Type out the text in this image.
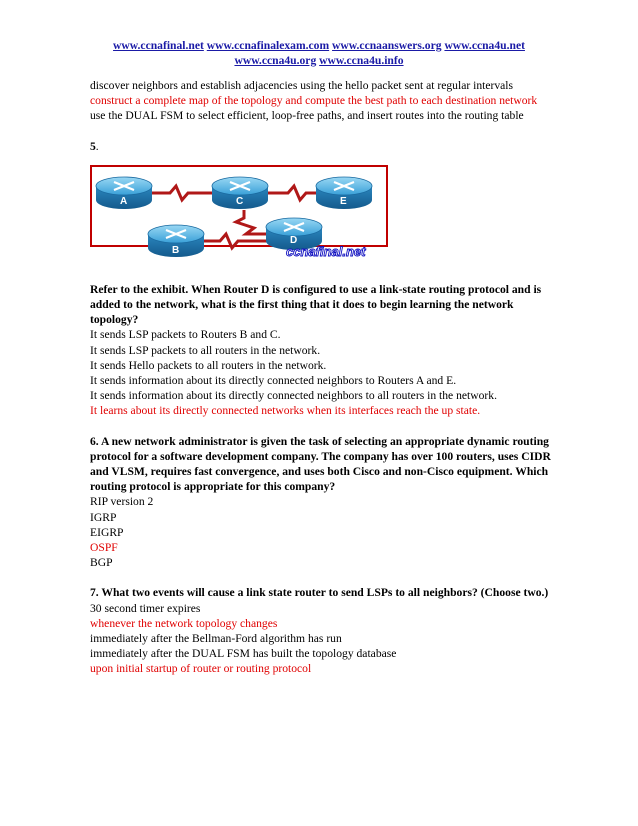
www.ccnafinal.net www.ccnafinalexam.com www.ccnaanswers.org www.ccna4u.net
www.ccna4u.org www.ccna4u.info
discover neighbors and establish adjacencies using the hello packet sent at regular intervals
construct a complete map of the topology and compute the best path to each destination network
use the DUAL FSM to select efficient, loop-free paths, and insert routes into the routing table
5.
A	C	E
B
D
ccnafinal.net
Refer to the exhibit. When Router D is configured to use a link-state routing protocol and is added to the network, what is the first thing that it does to begin learning the network topology?
It sends LSP packets to Routers B and C.
It sends LSP packets to all routers in the network.
It sends Hello packets to all routers in the network.
It sends information about its directly connected neighbors to Routers A and E.
It sends information about its directly connected neighbors to all routers in the network.
It learns about its directly connected networks when its interfaces reach the up state.
6. A new network administrator is given the task of selecting an appropriate dynamic routing protocol for a software development company. The company has over 100 routers, uses CIDR and VLSM, requires fast convergence, and uses both Cisco and non-Cisco equipment. Which routing protocol is appropriate for this company?
RIP version 2
IGRP
EIGRP
OSPF
BGP
7. What two events will cause a link state router to send LSPs to all neighbors? (Choose two.)
30 second timer expires
whenever the network topology changes
immediately after the Bellman-Ford algorithm has run
immediately after the DUAL FSM has built the topology database
upon initial startup of router or routing protocol
